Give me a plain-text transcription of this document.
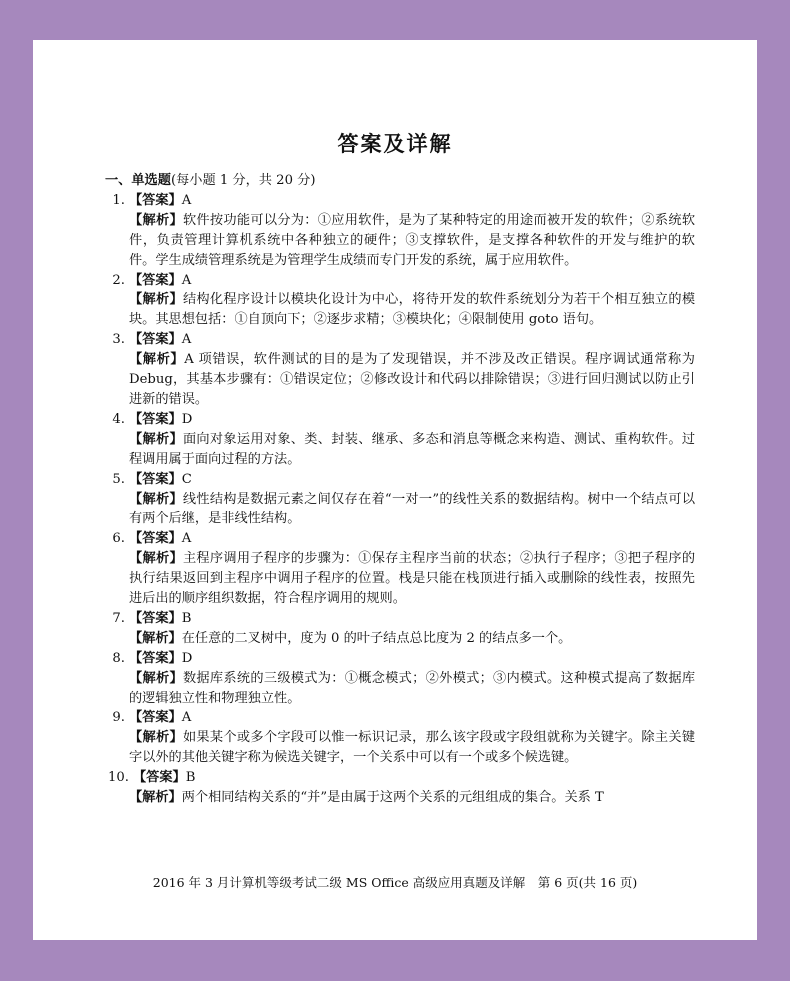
答案及详解
一、单选题(每小题 1 分，共 20 分)
1. 【答案】 A
【解析】软件按功能可以分为：①应用软件，是为了某种特定的用途而被开发的软件；②系统软件，负责管理计算机系统中各种独立的硬件；③支撑软件，是支撑各种软件的开发与维护的软件。学生成绩管理系统是为管理学生成绩而专门开发的系统，属于应用软件。
2. 【答案】 A
【解析】结构化程序设计以模块化设计为中心，将待开发的软件系统划分为若干个相互独立的模块。其思想包括：①自顶向下；②逐步求精；③模块化；④限制使用 goto 语句。
3. 【答案】 A
【解析】A 项错误，软件测试的目的是为了发现错误，并不涉及改正错误。程序调试通常称为 Debug，其基本步骤有：①错误定位；②修改设计和代码以排除错误；③进行回归测试以防止引进新的错误。
4. 【答案】 D
【解析】面向对象运用对象、类、封装、继承、多态和消息等概念来构造、测试、重构软件。过程调用属于面向过程的方法。
5. 【答案】 C
【解析】线性结构是数据元素之间仅存在着“一对一”的线性关系的数据结构。树中一个结点可以有两个后继，是非线性结构。
6. 【答案】 A
【解析】主程序调用子程序的步骤为：①保存主程序当前的状态；②执行子程序；③把子程序的执行结果返回到主程序中调用子程序的位置。栈是只能在栈顶进行插入或删除的线性表，按照先进后出的顺序组织数据，符合程序调用的规则。
7. 【答案】 B
【解析】在任意的二叉树中，度为 0 的叶子结点总比度为 2 的结点多一个。
8. 【答案】 D
【解析】数据库系统的三级模式为：①概念模式；②外模式；③内模式。这种模式提高了数据库的逻辑独立性和物理独立性。
9. 【答案】 A
【解析】如果某个或多个字段可以惟一标识记录，那么该字段或字段组就称为关键字。除主关键字以外的其他关键字称为候选关键字，一个关系中可以有一个或多个候选键。
10. 【答案】 B
【解析】两个相同结构关系的“并”是由属于这两个关系的元组组成的集合。关系 T
2016 年 3 月计算机等级考试二级 MS Office 高级应用真题及详解　第 6 页(共 16 页)
